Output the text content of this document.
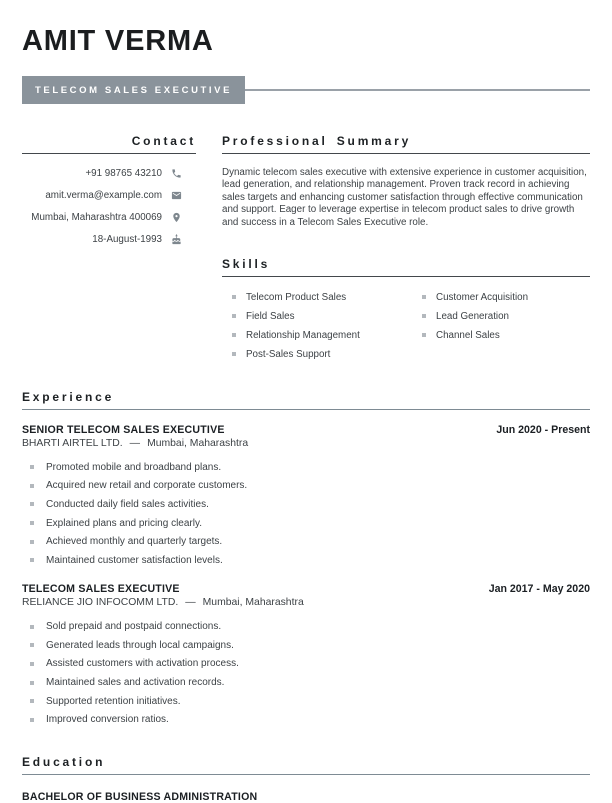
AMIT VERMA
TELECOM SALES EXECUTIVE
Contact
+91 98765 43210
amit.verma@example.com
Mumbai, Maharashtra 400069
18-August-1993
Professional Summary

Dynamic telecom sales executive with extensive experience in customer acquisition, lead generation, and relationship management. Proven track record in achieving sales targets and enhancing customer satisfaction through effective communication and support. Eager to leverage expertise in telecom product sales to drive growth and success in a Telecom Sales Executive role.

Skills
Telecom Product Sales
Field Sales
Relationship Management
Post-Sales Support
Customer Acquisition
Lead Generation
Channel Sales
Experience
SENIOR TELECOM SALES EXECUTIVE	Jun 2020 - Present
BHARTI AIRTEL LTD. — Mumbai, Maharashtra
Promoted mobile and broadband plans.
Acquired new retail and corporate customers.
Conducted daily field sales activities.
Explained plans and pricing clearly.
Achieved monthly and quarterly targets.
Maintained customer satisfaction levels.
TELECOM SALES EXECUTIVE	Jan 2017 - May 2020
RELIANCE JIO INFOCOMM LTD. — Mumbai, Maharashtra
Sold prepaid and postpaid connections.
Generated leads through local campaigns.
Assisted customers with activation process.
Maintained sales and activation records.
Supported retention initiatives.
Improved conversion ratios.
Education
BACHELOR OF BUSINESS ADMINISTRATION
